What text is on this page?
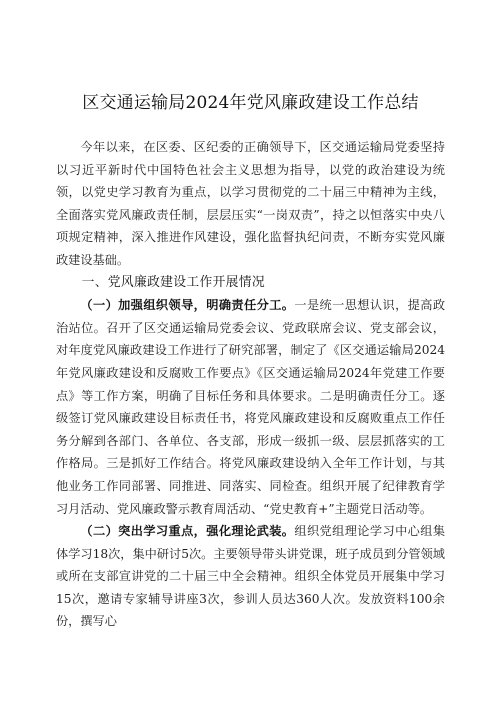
区交通运输局2024年党风廉政建设工作总结

今年以来，在区委、区纪委的正确领导下，区交通运输局党委坚持以习近平新时代中国特色社会主义思想为指导，以党的政治建设为统领，以党史学习教育为重点，以学习贯彻党的二十届三中精神为主线，全面落实党风廉政责任制，层层压实“一岗双责”，持之以恒落实中央八项规定精神，深入推进作风建设，强化监督执纪问责，不断夯实党风廉政建设基础。

一、党风廉政建设工作开展情况

（一）加强组织领导，明确责任分工。一是统一思想认识，提高政治站位。召开了区交通运输局党委会议、党政联席会议、党支部会议，对年度党风廉政建设工作进行了研究部署，制定了《区交通运输局2024年党风廉政建设和反腐败工作要点》《区交通运输局2024年党建工作要点》等工作方案，明确了目标任务和具体要求。二是明确责任分工。逐级签订党风廉政建设目标责任书，将党风廉政建设和反腐败重点工作任务分解到各部门、各单位、各支部，形成一级抓一级、层层抓落实的工作格局。三是抓好工作结合。将党风廉政建设纳入全年工作计划，与其他业务工作同部署、同推进、同落实、同检查。组织开展了纪律教育学习月活动、党风廉政警示教育周活动、“党史教育+”主题党日活动等。

（二）突出学习重点，强化理论武装。组织党组理论学习中心组集体学习18次，集中研讨5次。主要领导带头讲党课，班子成员到分管领域或所在支部宣讲党的二十届三中全会精神。组织全体党员开展集中学习15次，邀请专家辅导讲座3次，参训人员达360人次。发放资料100余份，撰写心
